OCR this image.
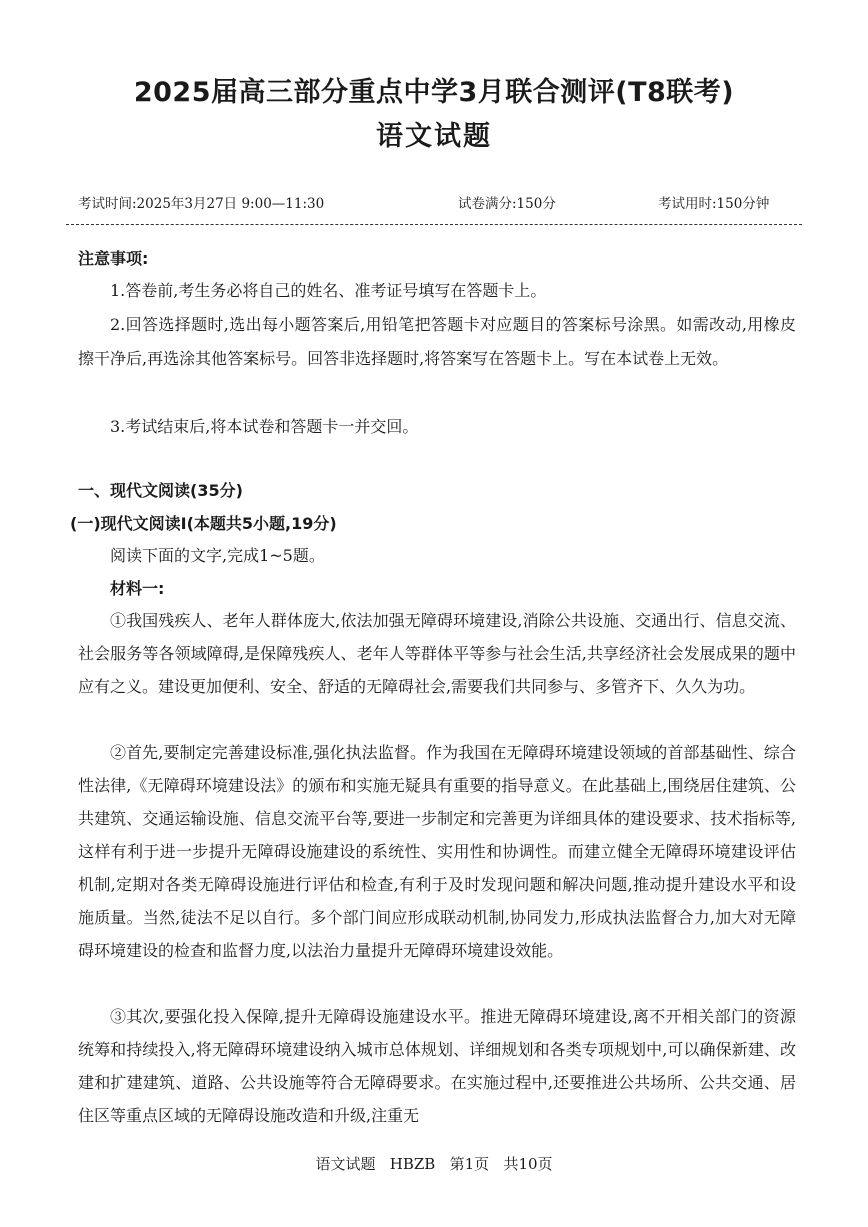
2025届高三部分重点中学3月联合测评(T8联考)
语文试题
考试时间:2025年3月27日 9:00—11:30	试卷满分:150分	考试用时:150分钟
注意事项:
1.答卷前,考生务必将自己的姓名、准考证号填写在答题卡上。
2.回答选择题时,选出每小题答案后,用铅笔把答题卡对应题目的答案标号涂黑。如需改动,用橡皮擦干净后,再选涂其他答案标号。回答非选择题时,将答案写在答题卡上。写在本试卷上无效。
3.考试结束后,将本试卷和答题卡一并交回。
一、现代文阅读(35分)
(一)现代文阅读Ⅰ(本题共5小题,19分)
阅读下面的文字,完成1~5题。
材料一:
①我国残疾人、老年人群体庞大,依法加强无障碍环境建设,消除公共设施、交通出行、信息交流、社会服务等各领域障碍,是保障残疾人、老年人等群体平等参与社会生活,共享经济社会发展成果的题中应有之义。建设更加便利、安全、舒适的无障碍社会,需要我们共同参与、多管齐下、久久为功。
②首先,要制定完善建设标准,强化执法监督。作为我国在无障碍环境建设领域的首部基础性、综合性法律,《无障碍环境建设法》的颁布和实施无疑具有重要的指导意义。在此基础上,围绕居住建筑、公共建筑、交通运输设施、信息交流平台等,要进一步制定和完善更为详细具体的建设要求、技术指标等,这样有利于进一步提升无障碍设施建设的系统性、实用性和协调性。而建立健全无障碍环境建设评估机制,定期对各类无障碍设施进行评估和检查,有利于及时发现问题和解决问题,推动提升建设水平和设施质量。当然,徒法不足以自行。多个部门间应形成联动机制,协同发力,形成执法监督合力,加大对无障碍环境建设的检查和监督力度,以法治力量提升无障碍环境建设效能。
③其次,要强化投入保障,提升无障碍设施建设水平。推进无障碍环境建设,离不开相关部门的资源统筹和持续投入,将无障碍环境建设纳入城市总体规划、详细规划和各类专项规划中,可以确保新建、改建和扩建建筑、道路、公共设施等符合无障碍要求。在实施过程中,还要推进公共场所、公共交通、居住区等重点区域的无障碍设施改造和升级,注重无
语文试题   HBZB   第1页   共10页
